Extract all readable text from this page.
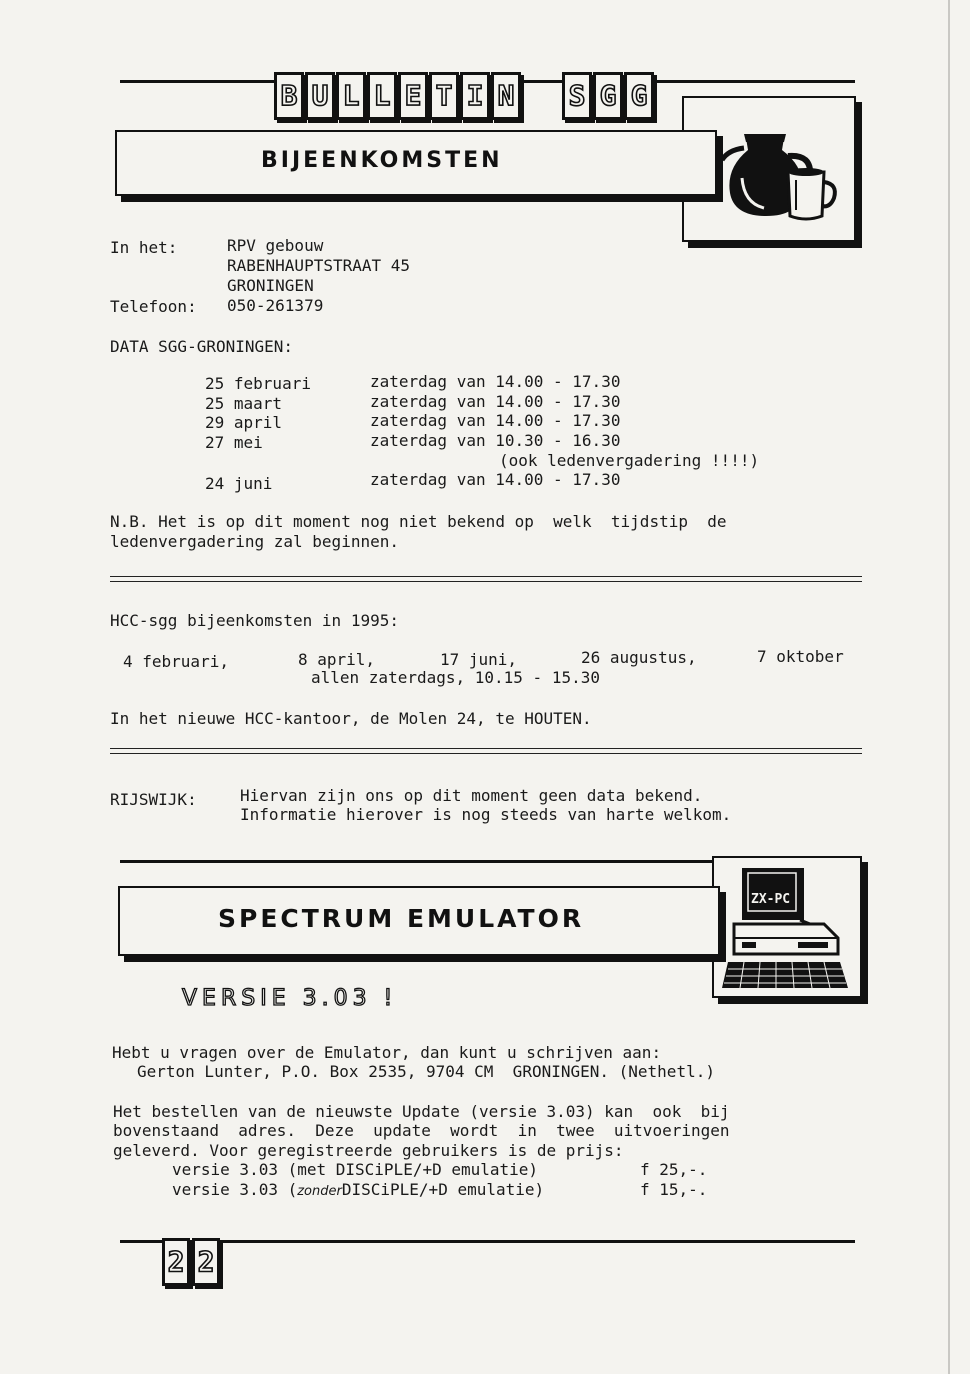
B U L L E T I N S G G
BIJEENKOMSTEN
In het:	RPV gebouw
RABENHAUPTSTRAAT 45
GRONINGEN
Telefoon: 050-261379
DATA SGG-GRONINGEN:
25 februari	zaterdag van 14.00 - 17.30
25 maart	zaterdag van 14.00 - 17.30
29 april	zaterdag van 14.00 - 17.30
27 mei	zaterdag van 10.30 - 16.30
(ook ledenvergadering !!!!)
24 juni	zaterdag van 14.00 - 17.30
N.B. Het is op dit moment nog niet bekend op  welk  tijdstip  de
ledenvergadering zal beginnen.
HCC-sgg bijeenkomsten in 1995:
4 februari,	8 april,	17 juni,	26 augustus,	7 oktober
allen zaterdags, 10.15 - 15.30
In het nieuwe HCC-kantoor, de Molen 24, te HOUTEN.
RIJSWIJK:	Hiervan zijn ons op dit moment geen data bekend.
Informatie hierover is nog steeds van harte welkom.
ZX-PC
SPECTRUM EMULATOR
VERSIE 3.03 !
Hebt u vragen over de Emulator, dan kunt u schrijven aan:
Gerton Lunter, P.O. Box 2535, 9704 CM  GRONINGEN. (Nethetl.)
Het bestellen van de nieuwste Update (versie 3.03) kan  ook  bij
bovenstaand  adres.  Deze  update  wordt  in  twee  uitvoeringen
geleverd. Voor geregistreerde gebruikers is de prijs:
versie 3.03 (met DISCiPLE/+D emulatie)	f 25,-.
versie 3.03 (zonderDISCiPLE/+D emulatie)	f 15,-.
2 2
